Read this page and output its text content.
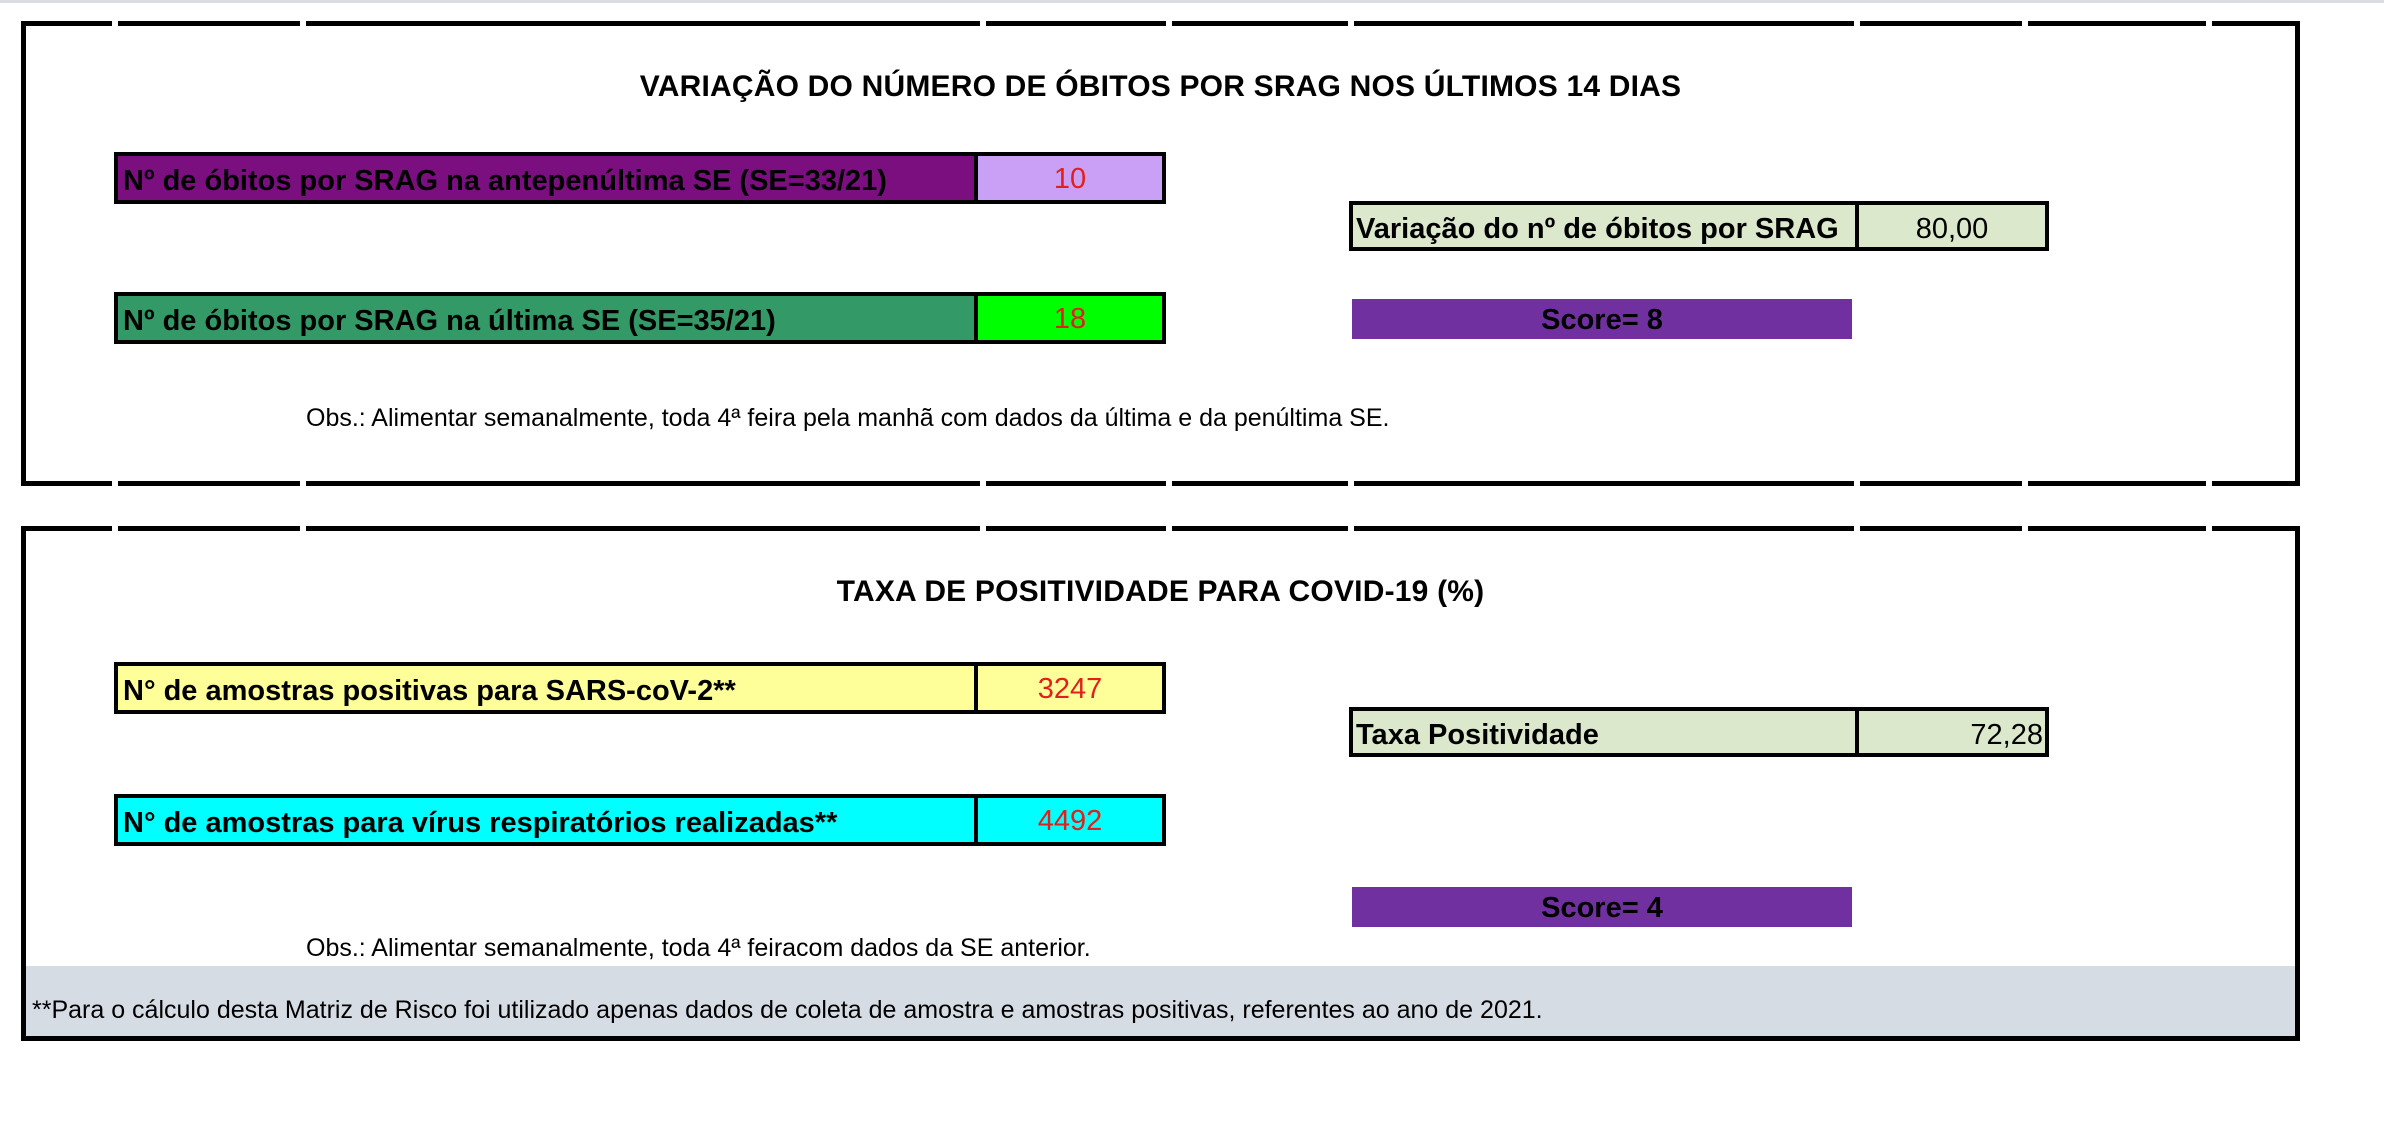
VARIAÇÃO DO NÚMERO DE ÓBITOS POR SRAG NOS ÚLTIMOS 14 DIAS
Nº de óbitos por SRAG na antepenúltima SE (SE=33/21)	10
Nº de óbitos por SRAG na última SE (SE=35/21)	18
Variação do nº de óbitos por SRAG	80,00
Score= 8
Obs.: Alimentar semanalmente, toda 4ª feira pela manhã com dados da última e da penúltima SE.
TAXA DE POSITIVIDADE PARA COVID-19 (%)
N° de amostras positivas para SARS-coV-2**	3247
N° de amostras para vírus respiratórios realizadas**	4492
Taxa Positividade	72,28
Score= 4
Obs.: Alimentar semanalmente, toda 4ª feiracom dados da SE anterior.
**Para o cálculo desta Matriz de Risco foi utilizado apenas dados de coleta de amostra e amostras positivas, referentes ao ano de 2021.
